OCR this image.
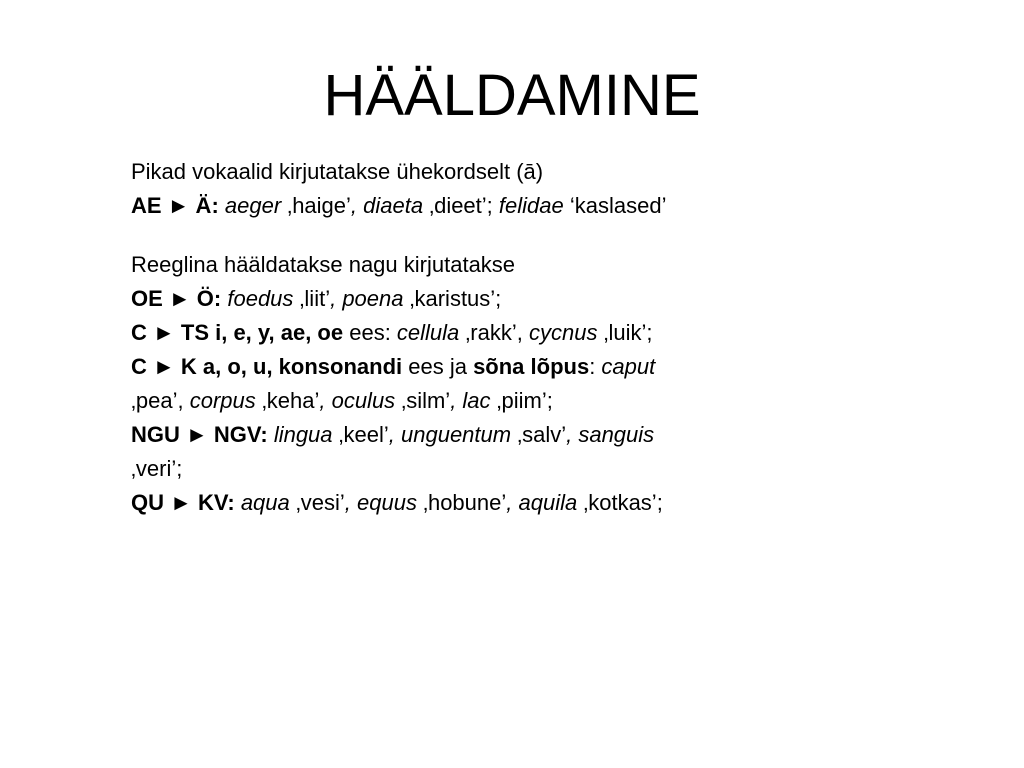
HÄÄLDAMINE
Pikad vokaalid kirjutatakse ühekordselt (ā)
AE ► Ä: aeger ‚haige’, diaeta ‚dieet’; felidae ‘kaslased’
Reeglina hääldatakse nagu kirjutatakse
OE ► Ö: foedus ‚liit’, poena ‚karistus’;
C ► TS i, e, y, ae, oe ees: cellula ‚rakk’, cycnus ‚luik’;
C ► K a, o, u, konsonandi ees ja sõna lõpus: caput
‚pea’, corpus ‚keha’, oculus ‚silm’, lac ‚piim’;
NGU ► NGV: lingua ‚keel’, unguentum ‚salv’, sanguis
‚veri’;
QU ► KV: aqua ‚vesi’, equus ‚hobune’, aquila ‚kotkas’;
